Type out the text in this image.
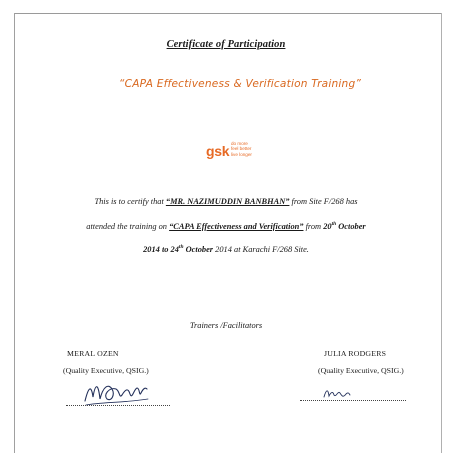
Certificate of Participation
“CAPA Effectiveness & Verification Training”
gsk do more
feel better
live longer
This is to certify that “MR. NAZIMUDDIN BANBHAN” from Site F/268 has
attended the training on “CAPA Effectiveness and Verification” from 20th October
2014 to 24th October 2014 at Karachi F/268 Site.
Trainers /Facilitators
MERAL OZEN
(Quality Executive, QSIG.)
JULIA RODGERS
(Quality Executive, QSIG.)
